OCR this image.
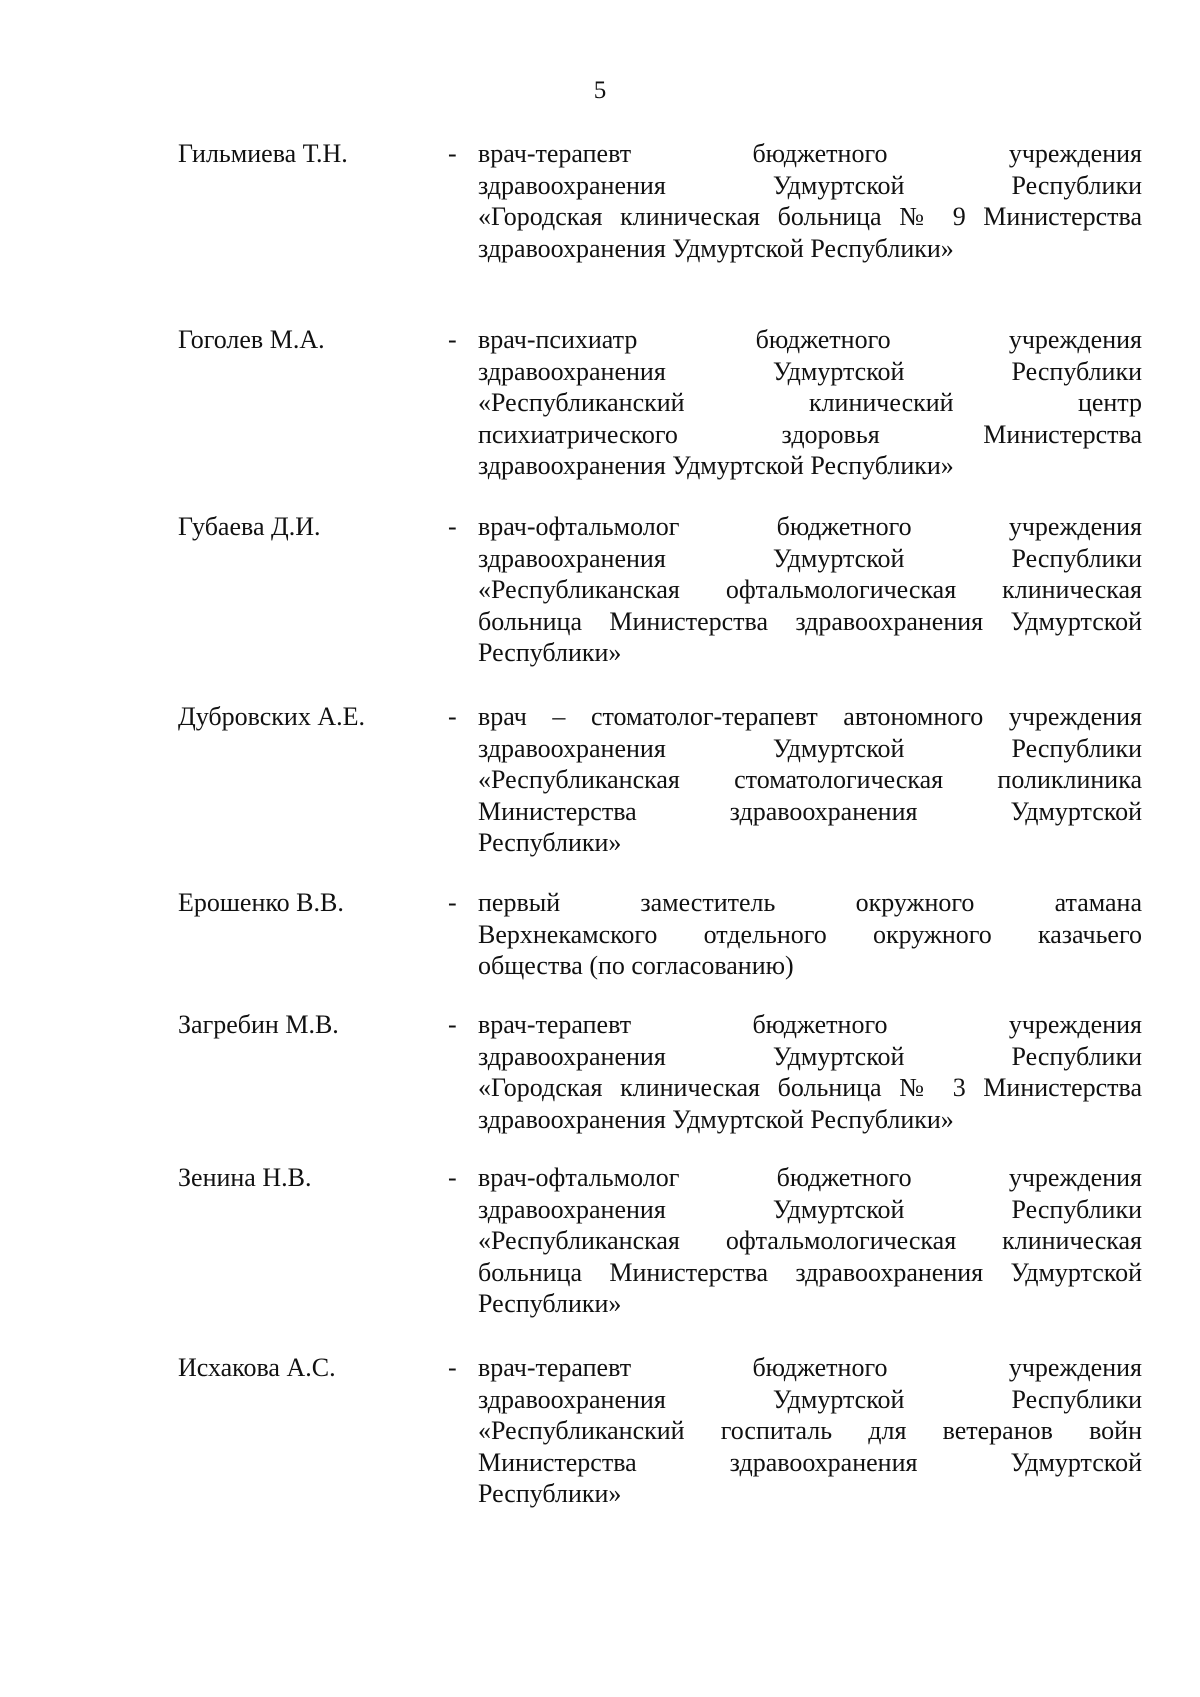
5
Гильмиева Т.Н.	- врач-терапевт бюджетного учреждения
здравоохранения Удмуртской Республики
«Городская клиническая больница № 9 Министерства
здравоохранения Удмуртской Республики»
Гоголев М.А.	- врач-психиатр бюджетного учреждения
здравоохранения Удмуртской Республики
«Республиканский клинический центр
психиатрического здоровья Министерства
здравоохранения Удмуртской Республики»
Губаева Д.И.	- врач-офтальмолог бюджетного учреждения
здравоохранения Удмуртской Республики
«Республиканская офтальмологическая клиническая
больница Министерства здравоохранения Удмуртской
Республики»
Дубровских А.Е.	- врач – стоматолог-терапевт автономного учреждения
здравоохранения Удмуртской Республики
«Республиканская стоматологическая поликлиника
Министерства здравоохранения Удмуртской
Республики»
Ерошенко В.В.	- первый заместитель окружного атамана
Верхнекамского отдельного окружного казачьего
общества (по согласованию)
Загребин М.В.	- врач-терапевт бюджетного учреждения
здравоохранения Удмуртской Республики
«Городская клиническая больница № 3 Министерства
здравоохранения Удмуртской Республики»
Зенина Н.В.	- врач-офтальмолог бюджетного учреждения
здравоохранения Удмуртской Республики
«Республиканская офтальмологическая клиническая
больница Министерства здравоохранения Удмуртской
Республики»
Исхакова А.С.	- врач-терапевт бюджетного учреждения
здравоохранения Удмуртской Республики
«Республиканский госпиталь для ветеранов войн
Министерства здравоохранения Удмуртской
Республики»
